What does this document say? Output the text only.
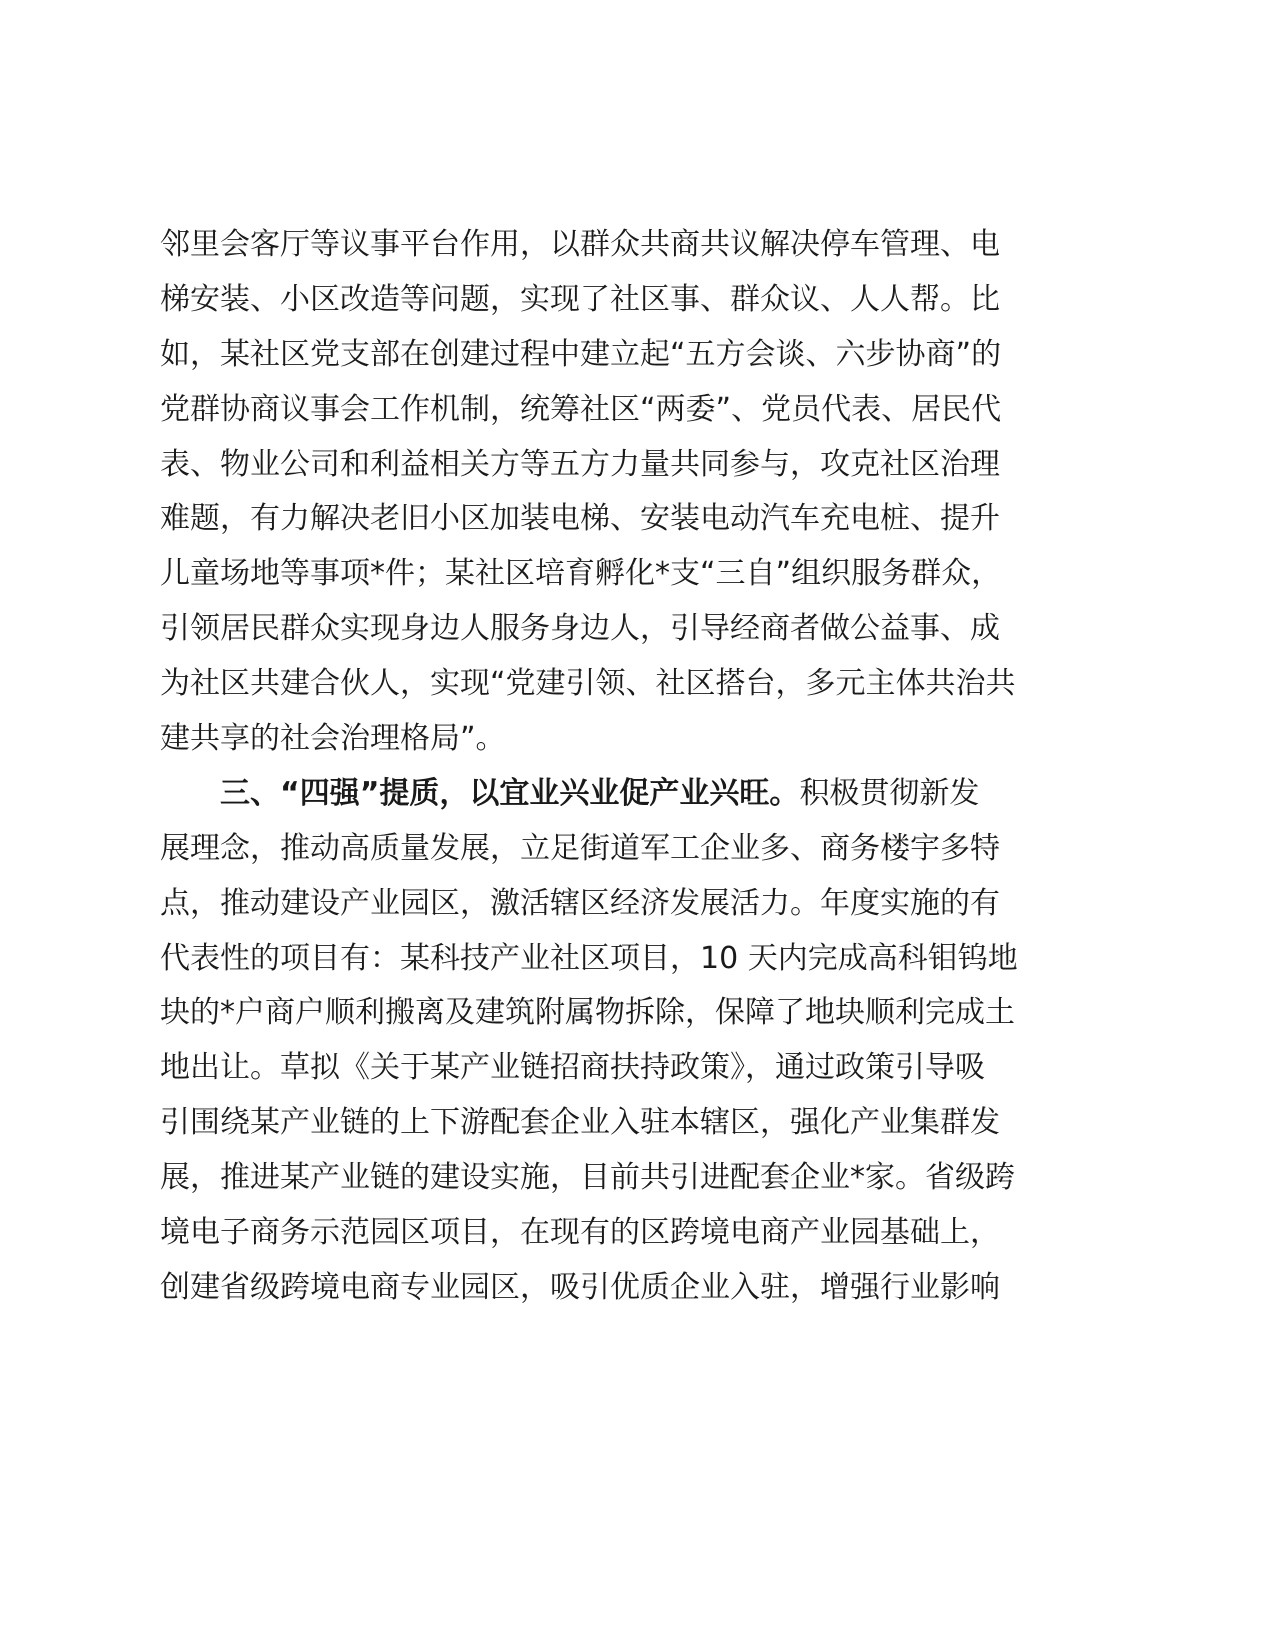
邻里会客厅等议事平台作用，以群众共商共议解决停车管理、电
梯安装、小区改造等问题，实现了社区事、群众议、人人帮。比
如，某社区党支部在创建过程中建立起“五方会谈、六步协商”的
党群协商议事会工作机制，统筹社区“两委”、党员代表、居民代
表、物业公司和利益相关方等五方力量共同参与，攻克社区治理
难题，有力解决老旧小区加装电梯、安装电动汽车充电桩、提升
儿童场地等事项*件；某社区培育孵化*支“三自”组织服务群众，
引领居民群众实现身边人服务身边人，引导经商者做公益事、成
为社区共建合伙人，实现“党建引领、社区搭台，多元主体共治共
建共享的社会治理格局”。
三、“四强”提质，以宜业兴业促产业兴旺。积极贯彻新发
展理念，推动高质量发展，立足街道军工企业多、商务楼宇多特
点，推动建设产业园区，激活辖区经济发展活力。年度实施的有
代表性的项目有：某科技产业社区项目，10 天内完成高科钼钨地
块的*户商户顺利搬离及建筑附属物拆除，保障了地块顺利完成土
地出让。草拟《关于某产业链招商扶持政策》，通过政策引导吸
引围绕某产业链的上下游配套企业入驻本辖区，强化产业集群发
展，推进某产业链的建设实施，目前共引进配套企业*家。省级跨
境电子商务示范园区项目，在现有的区跨境电商产业园基础上，
创建省级跨境电商专业园区，吸引优质企业入驻，增强行业影响
